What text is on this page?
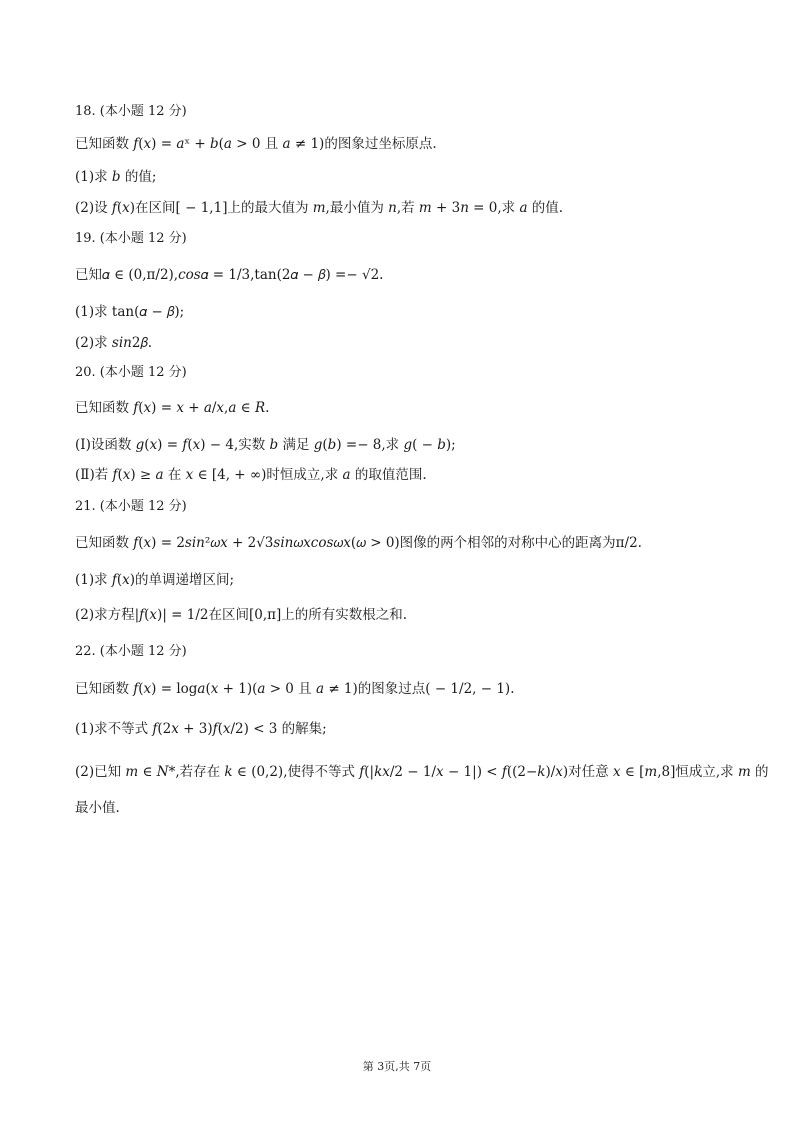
18. (本小题 12 分)
已知函数 𝑓(𝑥) = 𝑎ˣ + 𝑏(𝑎 > 0 且 𝑎 ≠ 1)的图象过坐标原点.
(1)求 𝑏 的值;
(2)设 𝑓(𝑥)在区间[ − 1,1]上的最大值为 𝑚,最小值为 𝑛,若 𝑚 + 3𝑛 = 0,求 𝑎 的值.
19. (本小题 12 分)
已知𝛼 ∈ (0,π/2),𝑐𝑜𝑠𝛼 = 1/3,tan(2𝛼 − 𝛽) =− √2.
(1)求 tan(𝛼 − 𝛽);
(2)求 𝑠𝑖𝑛2𝛽.
20. (本小题 12 分)
已知函数 𝑓(𝑥) = 𝑥 + 𝑎/𝑥,𝑎 ∈ 𝑅.
(Ⅰ)设函数 𝑔(𝑥) = 𝑓(𝑥) − 4,实数 𝑏 满足 𝑔(𝑏) =− 8,求 𝑔( − 𝑏);
(Ⅱ)若 𝑓(𝑥) ≥ 𝑎 在 𝑥 ∈ [4, + ∞)时恒成立,求 𝑎 的取值范围.
21. (本小题 12 分)
已知函数 𝑓(𝑥) = 2𝑠𝑖𝑛²𝜔𝑥 + 2√3𝑠𝑖𝑛𝜔𝑥𝑐𝑜𝑠𝜔𝑥(𝜔 > 0)图像的两个相邻的对称中心的距离为π/2.
(1)求 𝑓(𝑥)的单调递增区间;
(2)求方程|𝑓(𝑥)| = 1/2在区间[0,π]上的所有实数根之和.
22. (本小题 12 分)
已知函数 𝑓(𝑥) = log𝑎(𝑥 + 1)(𝑎 > 0 且 𝑎 ≠ 1)的图象过点( − 1/2, − 1).
(1)求不等式 𝑓(2𝑥 + 3)𝑓(𝑥/2) < 3 的解集;
(2)已知 𝑚 ∈ 𝑁*,若存在 𝑘 ∈ (0,2),使得不等式 𝑓(|𝑘𝑥/2 − 1/𝑥 − 1|) < 𝑓((2−𝑘)/𝑥)对任意 𝑥 ∈ [𝑚,8]恒成立,求 𝑚 的
最小值.
第 3页,共 7页
